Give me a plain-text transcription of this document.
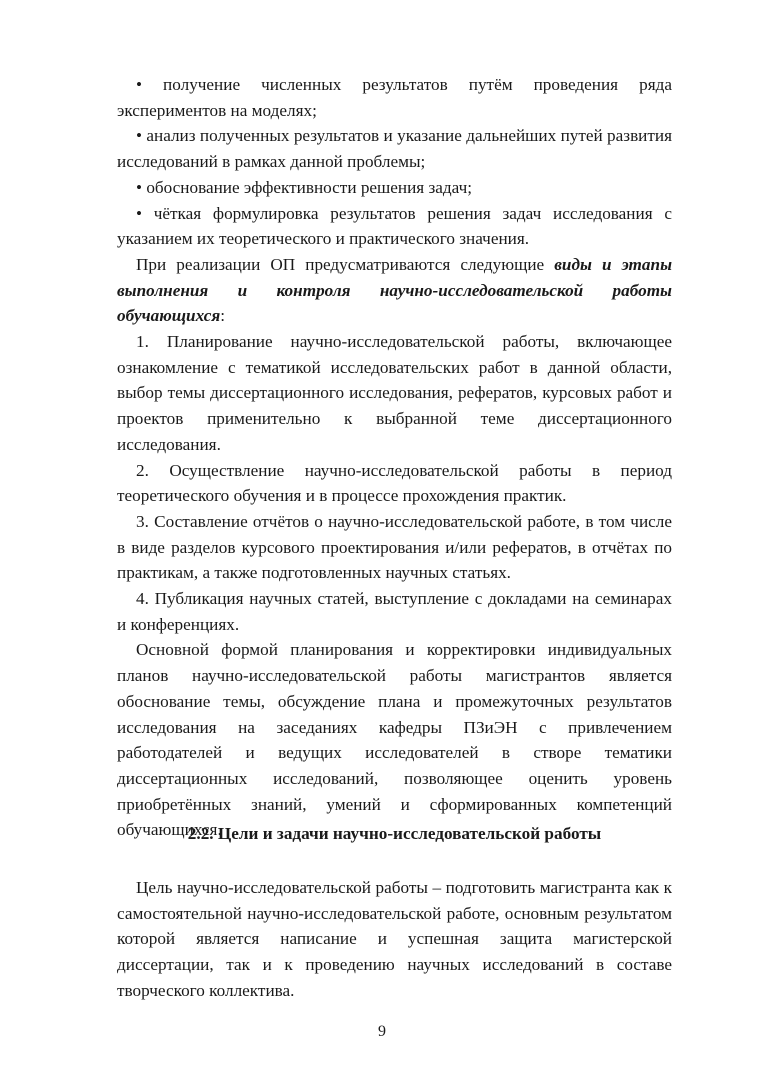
• получение численных результатов путём проведения ряда экспериментов на моделях;

• анализ полученных результатов и указание дальнейших путей развития исследований в рамках данной проблемы;

• обоснование эффективности решения задач;

• чёткая формулировка результатов решения задач исследования с указанием их теоретического и практического значения.

При реализации ОП предусматриваются следующие виды и этапы выполнения и контроля научно-исследовательской работы обучающихся:

1. Планирование научно-исследовательской работы, включающее ознакомление с тематикой исследовательских работ в данной области, выбор темы диссертационного исследования, рефератов, курсовых работ и проектов применительно к выбранной теме диссертационного исследования.

2. Осуществление научно-исследовательской работы в период теоретического обучения и в процессе прохождения практик.

3. Составление отчётов о научно-исследовательской работе, в том числе в виде разделов курсового проектирования и/или рефератов, в отчётах по практикам, а также подготовленных научных статьях.

4. Публикация научных статей, выступление с докладами на семинарах и конференциях.

Основной формой планирования и корректировки индивидуальных планов научно-исследовательской работы магистрантов является обоснование темы, обсуждение плана и промежуточных результатов исследования на заседаниях кафедры ПЗиЭН с привлечением работодателей и ведущих исследователей в створе тематики диссертационных исследований, позволяющее оценить уровень приобретённых знаний, умений и сформированных компетенций обучающихся.

2.2. Цели и задачи научно-исследовательской работы

Цель научно-исследовательской работы – подготовить магистранта как к самостоятельной научно-исследовательской работе, основным результатом которой является написание и успешная защита магистерской диссертации, так и к проведению научных исследований в составе творческого коллектива.

9
